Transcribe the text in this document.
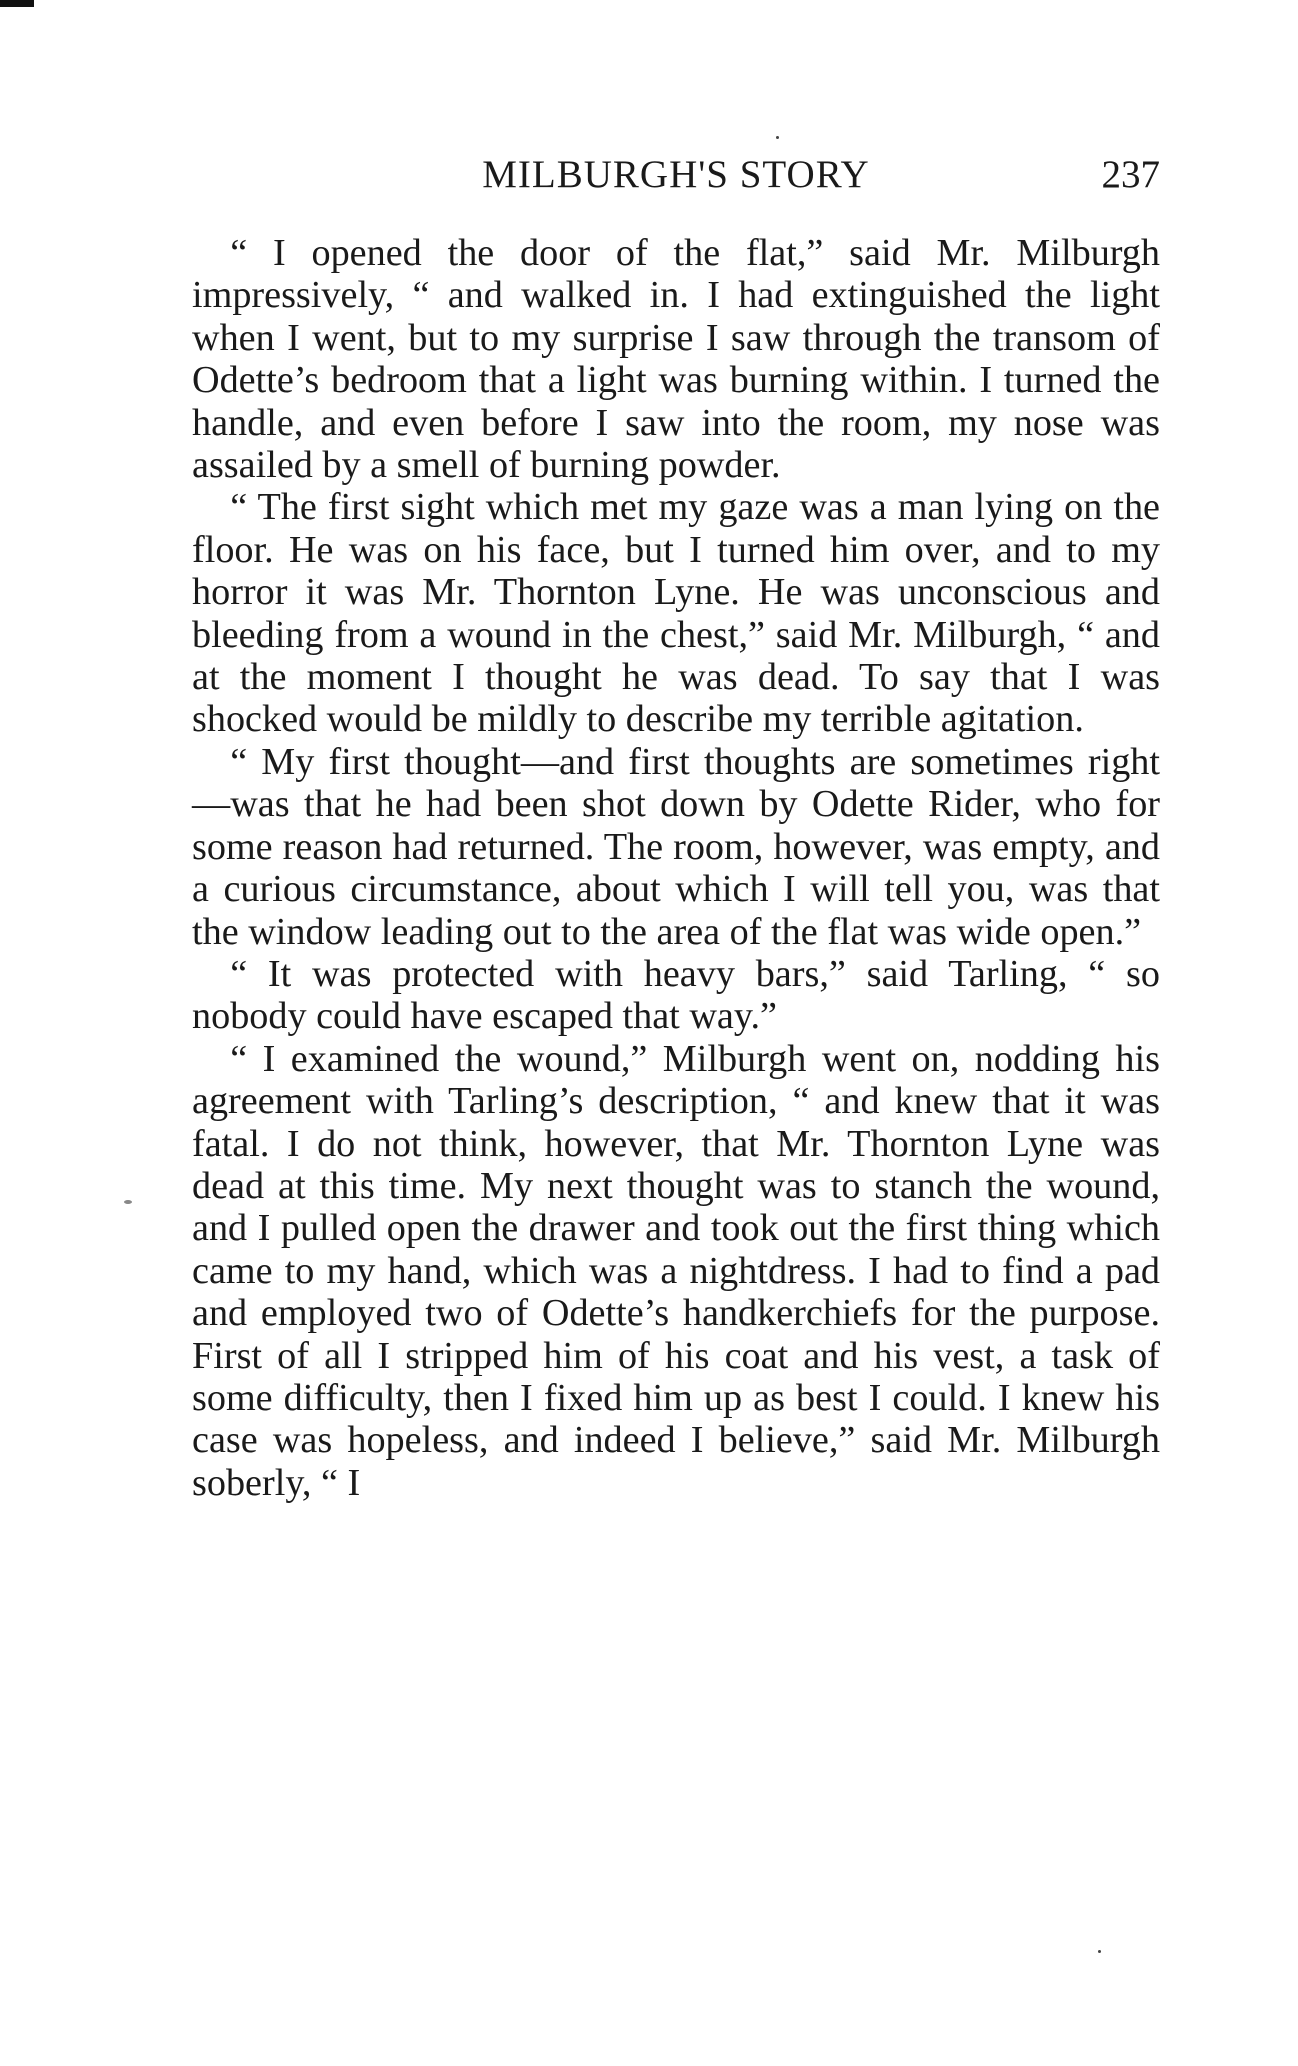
MILBURGH'S STORY	237

“ I opened the door of the flat,” said Mr. Milburgh impressively, “ and walked in. I had extinguished the light when I went, but to my surprise I saw through the transom of Odette’s bedroom that a light was burning within. I turned the handle, and even before I saw into the room, my nose was assailed by a smell of burning powder.

“ The first sight which met my gaze was a man lying on the floor. He was on his face, but I turned him over, and to my horror it was Mr. Thornton Lyne. He was unconscious and bleeding from a wound in the chest,” said Mr. Milburgh, “ and at the moment I thought he was dead. To say that I was shocked would be mildly to describe my terrible agitation.

“ My first thought—and first thoughts are sometimes right—was that he had been shot down by Odette Rider, who for some reason had returned. The room, however, was empty, and a curious circumstance, about which I will tell you, was that the window leading out to the area of the flat was wide open.”

“ It was protected with heavy bars,” said Tarling, “ so nobody could have escaped that way.”

“ I examined the wound,” Milburgh went on, nodding his agreement with Tarling’s description, “ and knew that it was fatal. I do not think, however, that Mr. Thornton Lyne was dead at this time. My next thought was to stanch the wound, and I pulled open the drawer and took out the first thing which came to my hand, which was a nightdress. I had to find a pad and employed two of Odette’s handkerchiefs for the purpose. First of all I stripped him of his coat and his vest, a task of some difficulty, then I fixed him up as best I could. I knew his case was hopeless, and indeed I believe,” said Mr. Milburgh soberly, “ I
